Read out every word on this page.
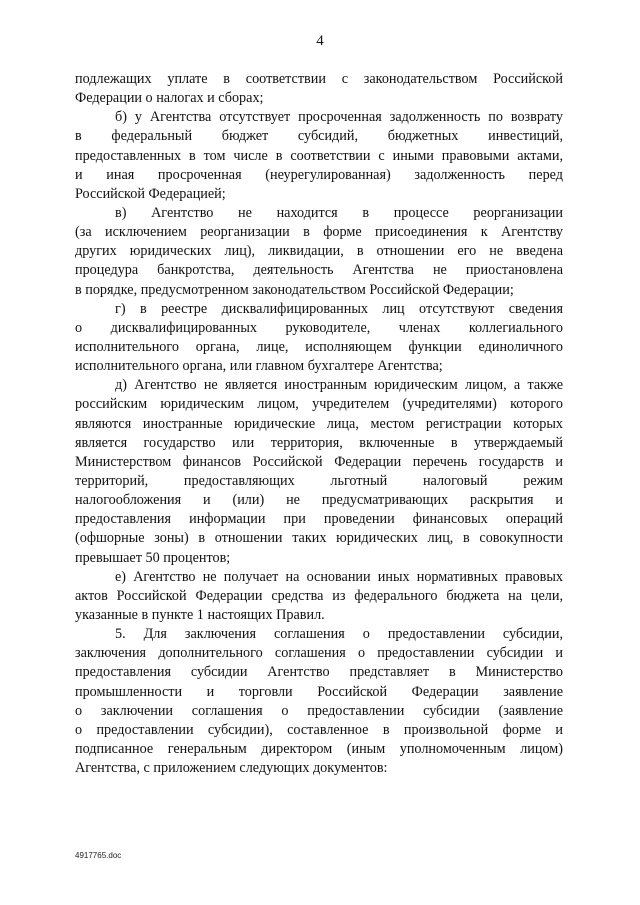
4
подлежащих уплате в соответствии с законодательством Российской
Федерации о налогах и сборах;
б) у Агентства отсутствует просроченная задолженность по возврату
в федеральный бюджет субсидий, бюджетных инвестиций,
предоставленных в том числе в соответствии с иными правовыми актами,
и иная просроченная (неурегулированная) задолженность перед
Российской Федерацией;
в) Агентство не находится в процессе реорганизации
(за исключением реорганизации в форме присоединения к Агентству
других юридических лиц), ликвидации, в отношении его не введена
процедура банкротства, деятельность Агентства не приостановлена
в порядке, предусмотренном законодательством Российской Федерации;
г) в реестре дисквалифицированных лиц отсутствуют сведения
о дисквалифицированных руководителе, членах коллегиального
исполнительного органа, лице, исполняющем функции единоличного
исполнительного органа, или главном бухгалтере Агентства;
д) Агентство не является иностранным юридическим лицом, а также
российским юридическим лицом, учредителем (учредителями) которого
являются иностранные юридические лица, местом регистрации которых
является государство или территория, включенные в утверждаемый
Министерством финансов Российской Федерации перечень государств и
территорий, предоставляющих льготный налоговый режим
налогообложения и (или) не предусматривающих раскрытия и
предоставления информации при проведении финансовых операций
(офшорные зоны) в отношении таких юридических лиц, в совокупности
превышает 50 процентов;
е) Агентство не получает на основании иных нормативных правовых
актов Российской Федерации средства из федерального бюджета на цели,
указанные в пункте 1 настоящих Правил.
5. Для заключения соглашения о предоставлении субсидии,
заключения дополнительного соглашения о предоставлении субсидии и
предоставления субсидии Агентство представляет в Министерство
промышленности и торговли Российской Федерации заявление
о заключении соглашения о предоставлении субсидии (заявление
о предоставлении субсидии), составленное в произвольной форме и
подписанное генеральным директором (иным уполномоченным лицом)
Агентства, с приложением следующих документов:
4917765.doc
